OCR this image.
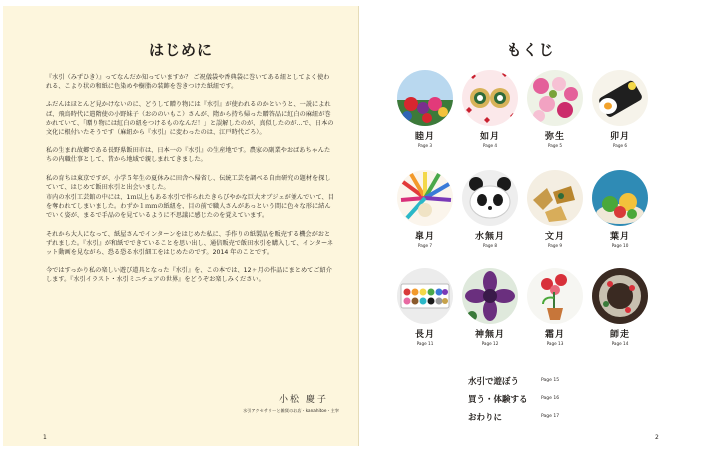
はじめに

『水引（みずひき）』ってなんだか知っていますか？ ご祝儀袋や香典袋に巻いてある紐としてよく使われる、こより状の和紙に色染めや樹脂の装飾を巻きつけた紙紐です。

ふだんはほとんど見かけないのに、どうして贈り物には『水引』が使われるのかというと、一説によれば、飛鳥時代に遣隋使の小野妹子（おののいもこ）さんが、隋から持ち帰った贈答品に紅白の麻紐が巻かれていて、「贈り物には紅白の紐をつけるものなんだ！」と誤解したのが、真似したのが…で、日本の文化に根付いたそうです（麻紐から『水引』に変わったのは、江戸時代ごろ）。

私の生まれ故郷である長野県飯田市は、日本一の『水引』の生産地です。農家の副業やおばあちゃんたちの内職仕事として、昔から地域で親しまれてきました。

私の育ちは東京ですが、小学５年生の夏休みに田舎へ帰省し、伝統工芸を調べる自由研究の題材を探していて、はじめて飯田水引と出会いました。

市内の水引工芸館の中には、1ｍ以上もある水引で作られたきらびやかな巨大オブジェが並んでいて、目を奪われてしまいました。わずか１ｍｍの紙紐を、目の前で職人さんがあっという間に色々な形に結んでいく姿が、まるで手品のを見ているように不思議に感じたのを覚えています。

それから大人になって、紙屋さんでインターンをはじめた私に、手作りの紙製品を販売する機会がおとずれました。『水引』が和紙でできていることを思い出し、通信販売で飯田水引を購入して、インターネット動画を見ながら、恐る恐る水引細工をはじめたのです。2014 年のことです。

今ではすっかり私の楽しい遊び道具となった『水引』を、この本では、12ヶ月の作品にまとめてご紹介します。『水引イラスト・水引ミニチュアの世界』をどうぞお楽しみください。

小松 慶子
水引アクセサリーと雑貨のお店・kanahitoe・主宰
1
もくじ
睦月
Page 3
如月
Page 4
弥生
Page 5
卯月
Page 6
皐月
Page 7
水無月
Page 8
文月
Page 9
葉月
Page 10
長月
Page 11
神無月
Page 12
霜月
Page 13
師走
Page 14
水引で遊ぼう	Page 15
買う・体験する	Page 16
おわりに	Page 17
2
